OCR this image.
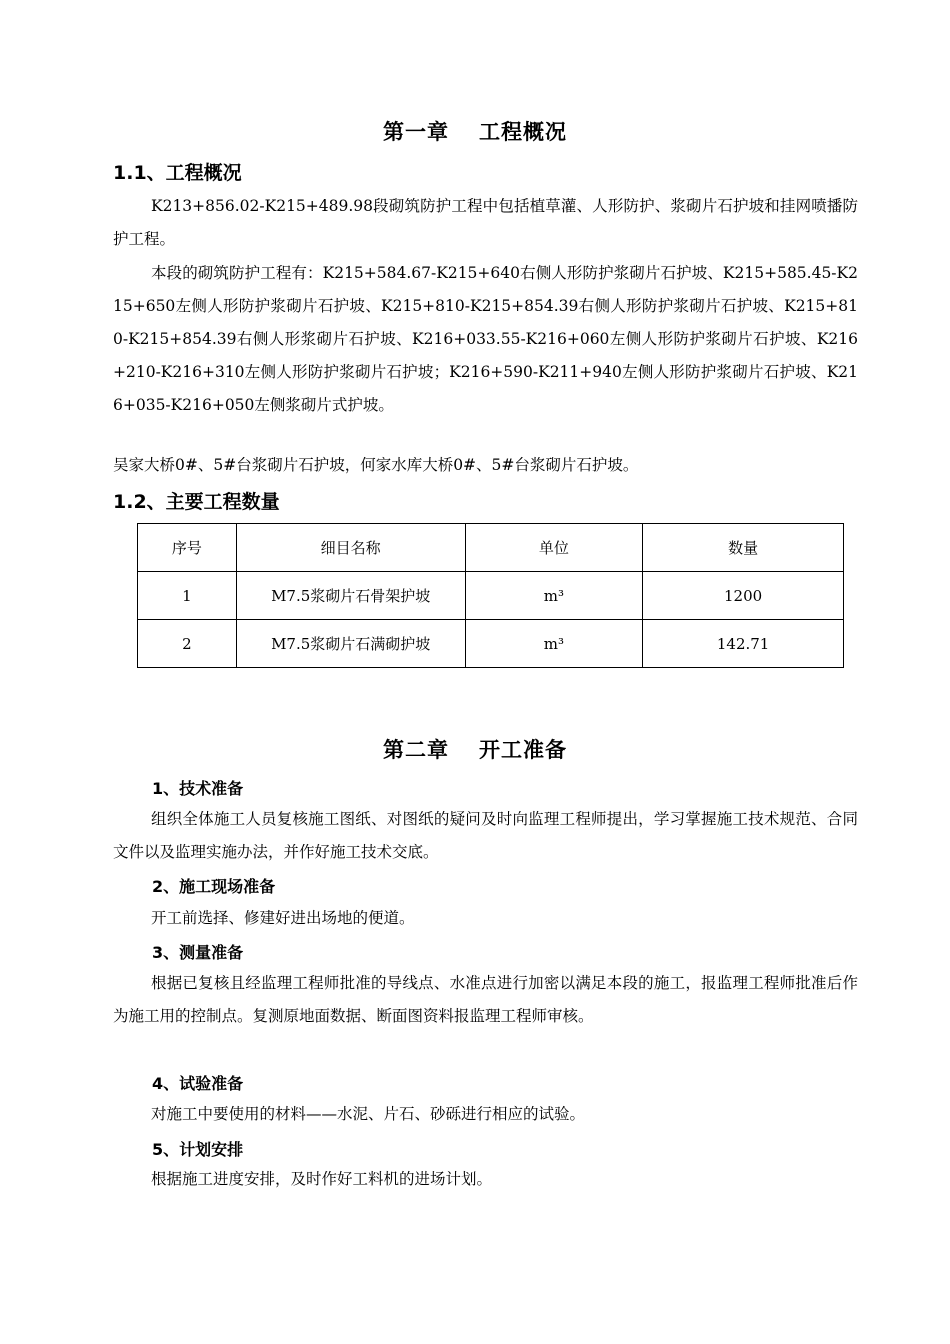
第一章 工程概况
1.1、工程概况
K213+856.02-K215+489.98段砌筑防护工程中包括植草灌、人形防护、浆砌片石护坡和挂网喷播防护工程。
本段的砌筑防护工程有：K215+584.67-K215+640右侧人形防护浆砌片石护坡、K215+585.45-K215+650左侧人形防护浆砌片石护坡、K215+810-K215+854.39右侧人形防护浆砌片石护坡、K215+810-K215+854.39右侧人形浆砌片石护坡、K216+033.55-K216+060左侧人形防护浆砌片石护坡、K216+210-K216+310左侧人形防护浆砌片石护坡；K216+590-K211+940左侧人形防护浆砌片石护坡、K216+035-K216+050左侧浆砌片式护坡。
吴家大桥0#、5#台浆砌片石护坡，何家水库大桥0#、5#台浆砌片石护坡。
1.2、主要工程数量
序号	细目名称	单位	数量
1	M7.5浆砌片石骨架护坡	m³	1200
2	M7.5浆砌片石满砌护坡	m³	142.71
第二章 开工准备
1、技术准备
组织全体施工人员复核施工图纸、对图纸的疑问及时向监理工程师提出，学习掌握施工技术规范、合同文件以及监理实施办法，并作好施工技术交底。
2、施工现场准备
开工前选择、修建好进出场地的便道。
3、测量准备
根据已复核且经监理工程师批准的导线点、水准点进行加密以满足本段的施工，报监理工程师批准后作为施工用的控制点。复测原地面数据、断面图资料报监理工程师审核。
4、试验准备
对施工中要使用的材料——水泥、片石、砂砾进行相应的试验。
5、计划安排
根据施工进度安排，及时作好工料机的进场计划。
